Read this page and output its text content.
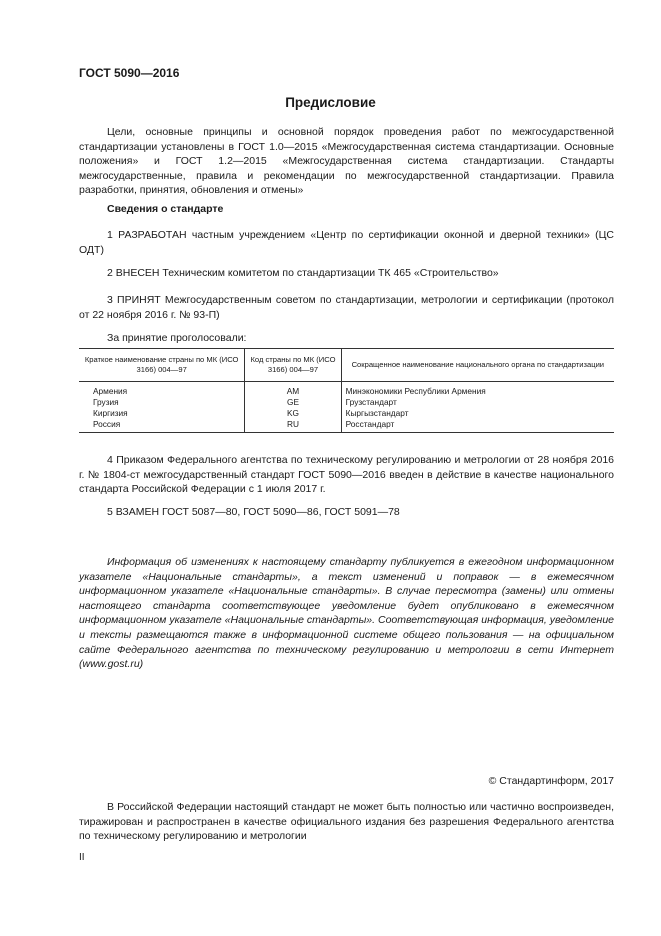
ГОСТ 5090—2016
Предисловие
Цели, основные принципы и основной порядок проведения работ по межгосударственной стандартизации установлены в ГОСТ 1.0—2015 «Межгосударственная система стандартизации. Основные положения» и ГОСТ 1.2—2015 «Межгосударственная система стандартизации. Стандарты межгосударственные, правила и рекомендации по межгосударственной стандартизации. Правила разработки, принятия, обновления и отмены»
Сведения о стандарте
1 РАЗРАБОТАН частным учреждением «Центр по сертификации оконной и дверной техники» (ЦС ОДТ)
2 ВНЕСЕН Техническим комитетом по стандартизации ТК 465 «Строительство»
3 ПРИНЯТ Межгосударственным советом по стандартизации, метрологии и сертификации (протокол от 22 ноября 2016 г. № 93-П)
За принятие проголосовали:
Краткое наименование страны по МК (ИСО 3166) 004—97	Код страны по МК (ИСО 3166) 004—97	Сокращенное наименование национального органа по стандартизации
Армения	AM	Минэкономики Республики Армения
Грузия	GE	Грузстандарт
Киргизия	KG	Кыргызстандарт
Россия	RU	Росстандарт
4 Приказом Федерального агентства по техническому регулированию и метрологии от 28 ноября 2016 г. № 1804-ст межгосударственный стандарт ГОСТ 5090—2016 введен в действие в качестве национального стандарта Российской Федерации с 1 июля 2017 г.
5 ВЗАМЕН ГОСТ 5087—80, ГОСТ 5090—86, ГОСТ 5091—78
Информация об изменениях к настоящему стандарту публикуется в ежегодном информационном указателе «Национальные стандарты», а текст изменений и поправок — в ежемесячном информационном указателе «Национальные стандарты». В случае пересмотра (замены) или отмены настоящего стандарта соответствующее уведомление будет опубликовано в ежемесячном информационном указателе «Национальные стандарты». Соответствующая информация, уведомление и тексты размещаются также в информационной системе общего пользования — на официальном сайте Федерального агентства по техническому регулированию и метрологии в сети Интернет (www.gost.ru)
© Стандартинформ, 2017
В Российской Федерации настоящий стандарт не может быть полностью или частично воспроизведен, тиражирован и распространен в качестве официального издания без разрешения Федерального агентства по техническому регулированию и метрологии
II
